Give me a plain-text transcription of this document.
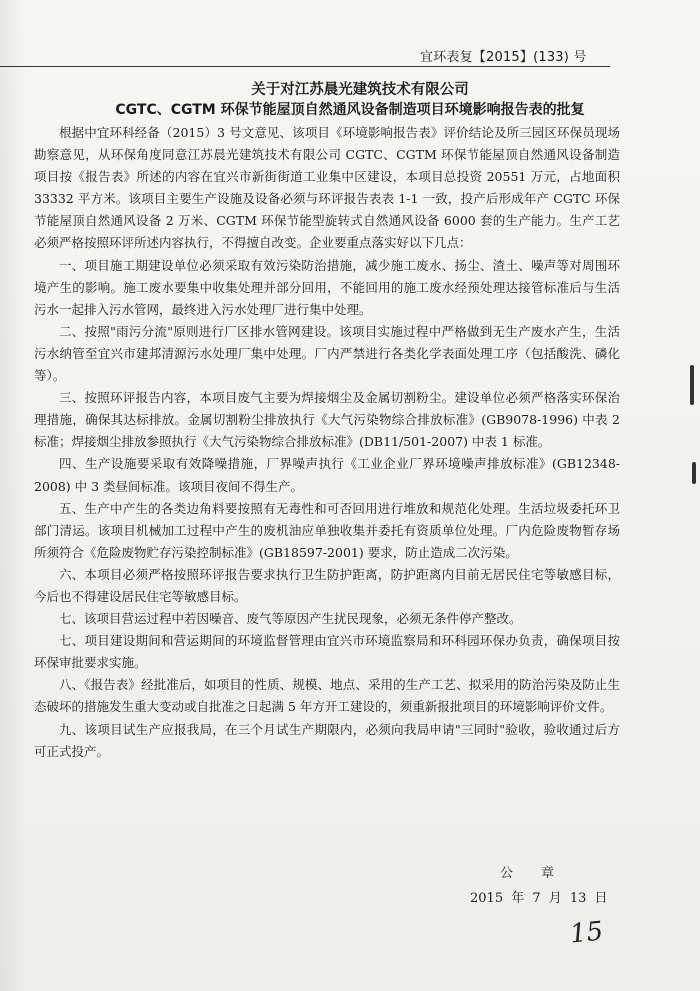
宜环表复【2015】(133) 号
关于对江苏晨光建筑技术有限公司
CGTC、CGTM 环保节能屋顶自然通风设备制造项目环境影响报告表的批复

根据中宜环科经备（2015）3 号文意见、该项目《环境影响报告表》评价结论及所三园区环保员现场勘察意见，从环保角度同意江苏晨光建筑技术有限公司 CGTC、CGTM 环保节能屋顶自然通风设备制造项目按《报告表》所述的内容在宜兴市新街街道工业集中区建设，本项目总投资 20551 万元，占地面积 33332 平方米。该项目主要生产设施及设备必须与环评报告表表 1-1 一致，投产后形成年产 CGTC 环保节能屋顶自然通风设备 2 万米、CGTM 环保节能型旋转式自然通风设备 6000 套的生产能力。生产工艺必须严格按照环评所述内容执行，不得擅自改变。企业要重点落实好以下几点：

一、项目施工期建设单位必须采取有效污染防治措施，减少施工废水、扬尘、渣土、噪声等对周围环境产生的影响。施工废水要集中收集处理并部分回用，不能回用的施工废水经预处理达接管标准后与生活污水一起排入污水管网，最终进入污水处理厂进行集中处理。

二、按照"雨污分流"原则进行厂区排水管网建设。该项目实施过程中严格做到无生产废水产生，生活污水纳管至宜兴市建邦清源污水处理厂集中处理。厂内严禁进行各类化学表面处理工序（包括酸洗、磷化等）。

三、按照环评报告内容，本项目废气主要为焊接烟尘及金属切割粉尘。建设单位必须严格落实环保治理措施，确保其达标排放。金属切割粉尘排放执行《大气污染物综合排放标准》(GB9078-1996) 中表 2 标准；焊接烟尘排放参照执行《大气污染物综合排放标准》(DB11/501-2007) 中表 1 标准。

四、生产设施要采取有效降噪措施，厂界噪声执行《工业企业厂界环境噪声排放标准》(GB12348-2008) 中 3 类昼间标准。该项目夜间不得生产。

五、生产中产生的各类边角料要按照有无毒性和可否回用进行堆放和规范化处理。生活垃圾委托环卫部门清运。该项目机械加工过程中产生的废机油应单独收集并委托有资质单位处理。厂内危险废物暂存场所须符合《危险废物贮存污染控制标准》(GB18597-2001) 要求，防止造成二次污染。

六、本项目必须严格按照环评报告要求执行卫生防护距离，防护距离内目前无居民住宅等敏感目标，今后也不得建设居民住宅等敏感目标。

七、该项目营运过程中若因噪音、废气等原因产生扰民现象，必须无条件停产整改。

七、项目建设期间和营运期间的环境监督管理由宜兴市环境监察局和环科园环保办负责，确保项目按环保审批要求实施。

八、《报告表》经批准后，如项目的性质、规模、地点、采用的生产工艺、拟采用的防治污染及防止生态破坏的措施发生重大变动或自批准之日起满 5 年方开工建设的，须重新报批项目的环境影响评价文件。

九、该项目试生产应报我局，在三个月试生产期限内，必须向我局申请"三同时"验收，验收通过后方可正式投产。

公章
2015 年 7 月 13 日
15
